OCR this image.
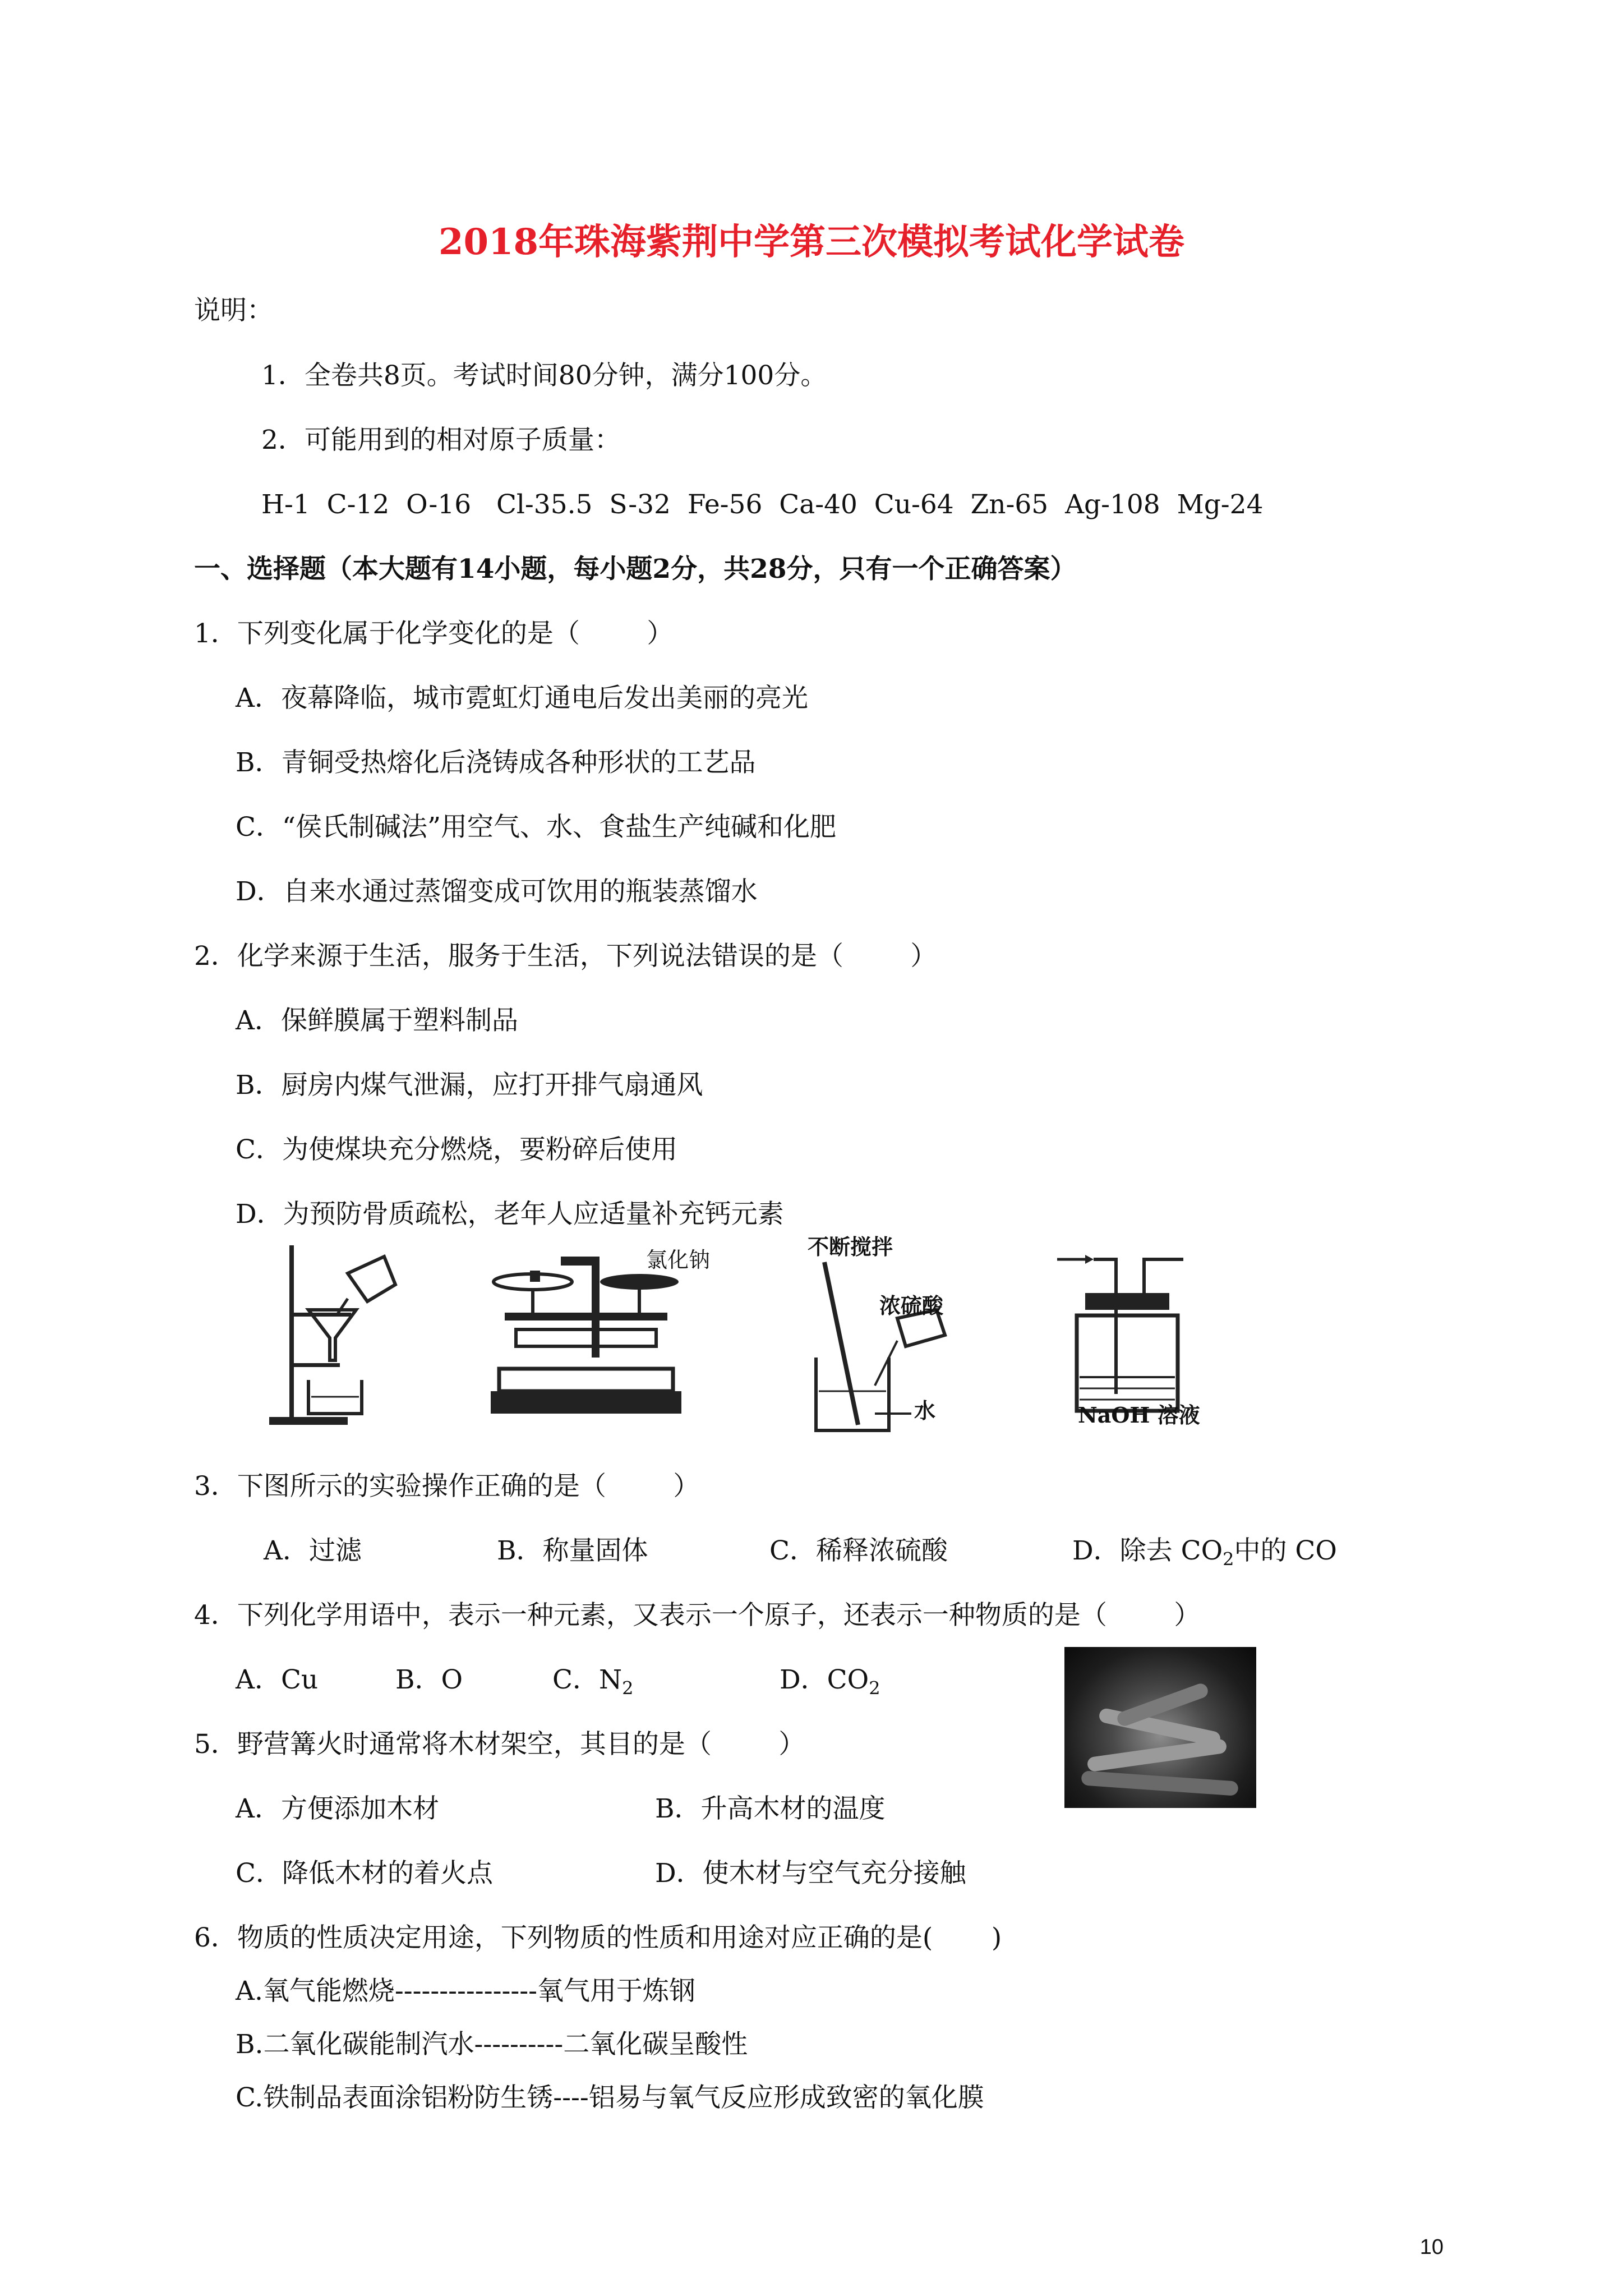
2018年珠海紫荆中学第三次模拟考试化学试卷
说明：
1．全卷共8页。考试时间80分钟，满分100分。
2．可能用到的相对原子质量：
H-1  C-12  O-16   Cl-35.5  S-32  Fe-56  Ca-40  Cu-64  Zn-65  Ag-108  Mg-24
一、选择题（本大题有14小题，每小题2分，共28分，只有一个正确答案）
1．下列变化属于化学变化的是（        ）
A．夜幕降临，城市霓虹灯通电后发出美丽的亮光
B．青铜受热熔化后浇铸成各种形状的工艺品
C．“侯氏制碱法”用空气、水、食盐生产纯碱和化肥
D．自来水通过蒸馏变成可饮用的瓶装蒸馏水
2．化学来源于生活，服务于生活，下列说法错误的是（        ）
A．保鲜膜属于塑料制品
B．厨房内煤气泄漏，应打开排气扇通风
C．为使煤块充分燃烧，要粉碎后使用
D．为预防骨质疏松，老年人应适量补充钙元素
氯化钠
不断搅拌
浓硫酸
水	NaOH 溶液
3．下图所示的实验操作正确的是（        ）
A．过滤	B．称量固体	C．稀释浓硫酸	D．除去 $CO_2$中的 CO
4．下列化学用语中，表示一种元素，又表示一个原子，还表示一种物质的是（        ）
A．Cu	B．O	C．$N_2$	D．$CO_2$
5．野营篝火时通常将木材架空，其目的是（        ）
A．方便添加木材	B．升高木材的温度
C．降低木材的着火点	D．使木材与空气充分接触
6．物质的性质决定用途，下列物质的性质和用途对应正确的是(       )
A.氧气能燃烧----------------氧气用于炼钢
B.二氧化碳能制汽水----------二氧化碳呈酸性
C.铁制品表面涂铝粉防生锈----铝易与氧气反应形成致密的氧化膜
10
